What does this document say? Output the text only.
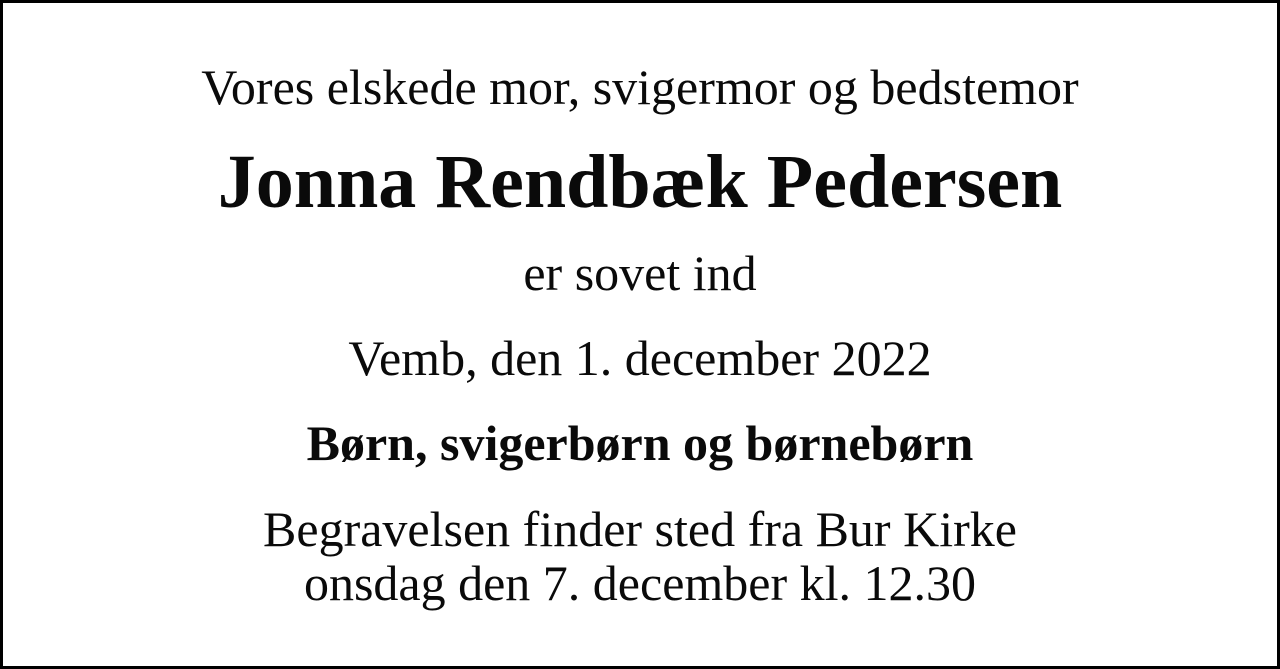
Vores elskede mor, svigermor og bedstemor
Jonna Rendbæk Pedersen
er sovet ind
Vemb, den 1. december 2022
Børn, svigerbørn og børnebørn
Begravelsen finder sted fra Bur Kirke
onsdag den 7. december kl. 12.30
